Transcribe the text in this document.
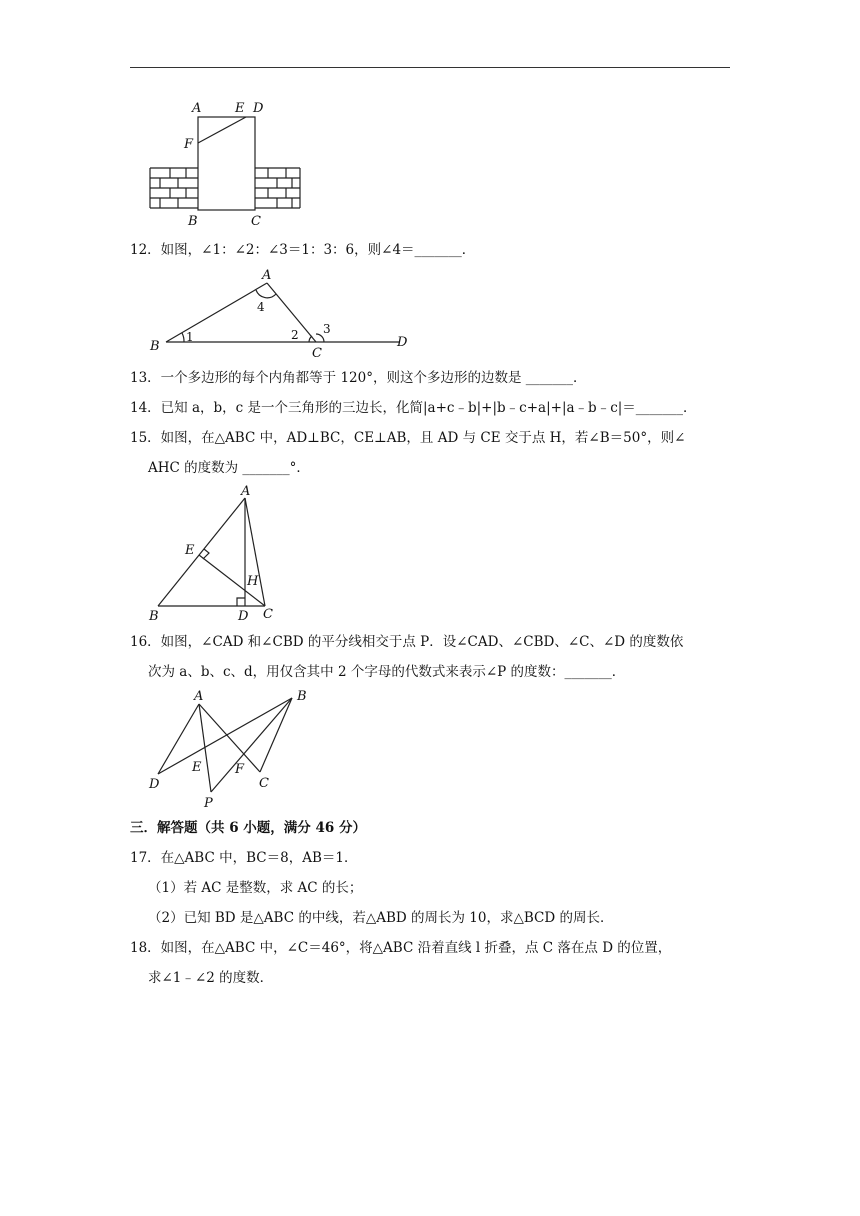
A	E D
F
B	C
12．如图，∠1：∠2：∠3＝1：3：6，则∠4＝_______．
A
B	C
D
1	2 3
4
13．一个多边形的每个内角都等于 120°，则这个多边形的边数是 _______．
14．已知 a，b，c 是一个三角形的三边长，化简|a+c﹣b|+|b﹣c+a|+|a﹣b﹣c|＝_______．
15．如图，在△ABC 中，AD⊥BC，CE⊥AB，且 AD 与 CE 交于点 H，若∠B＝50°，则∠
AHC 的度数为 _______°．
A
E
H
B	D C
16．如图，∠CAD 和∠CBD 的平分线相交于点 P．设∠CAD、∠CBD、∠C、∠D 的度数依
次为 a、b、c、d，用仅含其中 2 个字母的代数式来表示∠P 的度数：_______．
A	B
D
E	F
C
P
三．解答题（共 6 小题，满分 46 分）
17．在△ABC 中，BC＝8，AB＝1．
（1）若 AC 是整数，求 AC 的长；
（2）已知 BD 是△ABC 的中线，若△ABD 的周长为 10，求△BCD 的周长．
18．如图，在△ABC 中，∠C＝46°，将△ABC 沿着直线 l 折叠，点 C 落在点 D 的位置，
求∠1﹣∠2 的度数．
